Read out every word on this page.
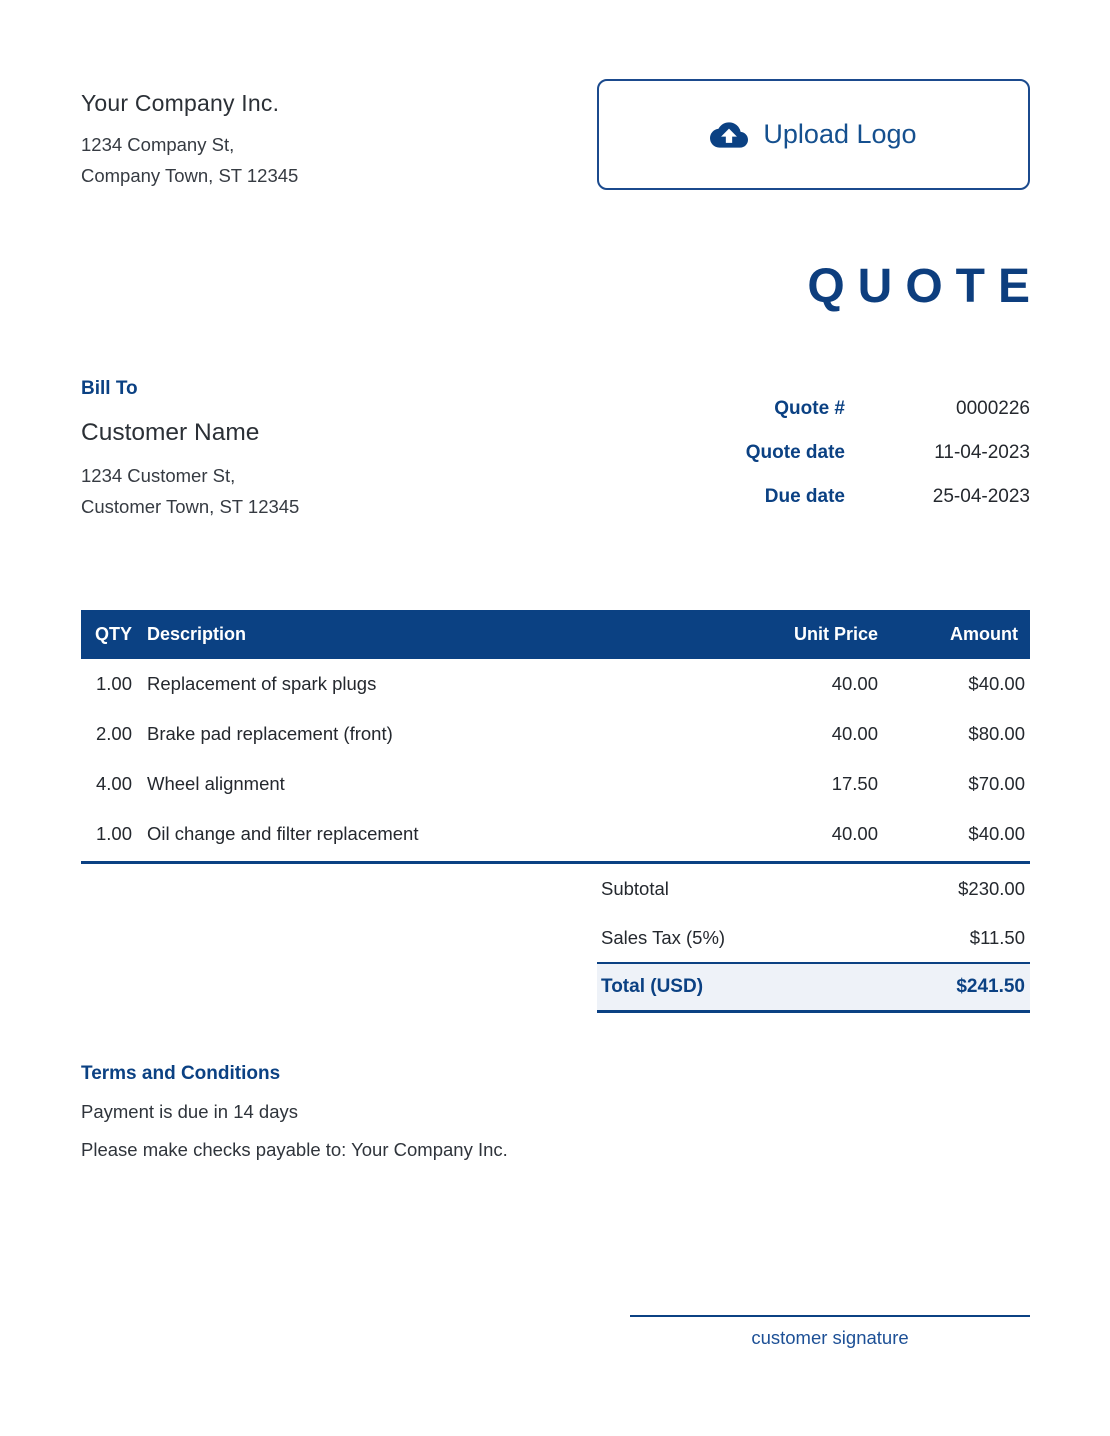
Your Company Inc.
1234 Company St,
Company Town, ST 12345
Upload Logo
QUOTE
Bill To
Customer Name
1234 Customer St,
Customer Town, ST 12345
Quote #	0000226
Quote date	11-04-2023
Due date	25-04-2023
QTY Description	Unit Price	Amount
1.00 Replacement of spark plugs	40.00	$40.00
2.00 Brake pad replacement (front)	40.00	$80.00
4.00 Wheel alignment	17.50	$70.00
1.00 Oil change and filter replacement	40.00	$40.00
Subtotal	$230.00
Sales Tax (5%)	$11.50
Total (USD)	$241.50
Terms and Conditions
Payment is due in 14 days
Please make checks payable to: Your Company Inc.
customer signature
